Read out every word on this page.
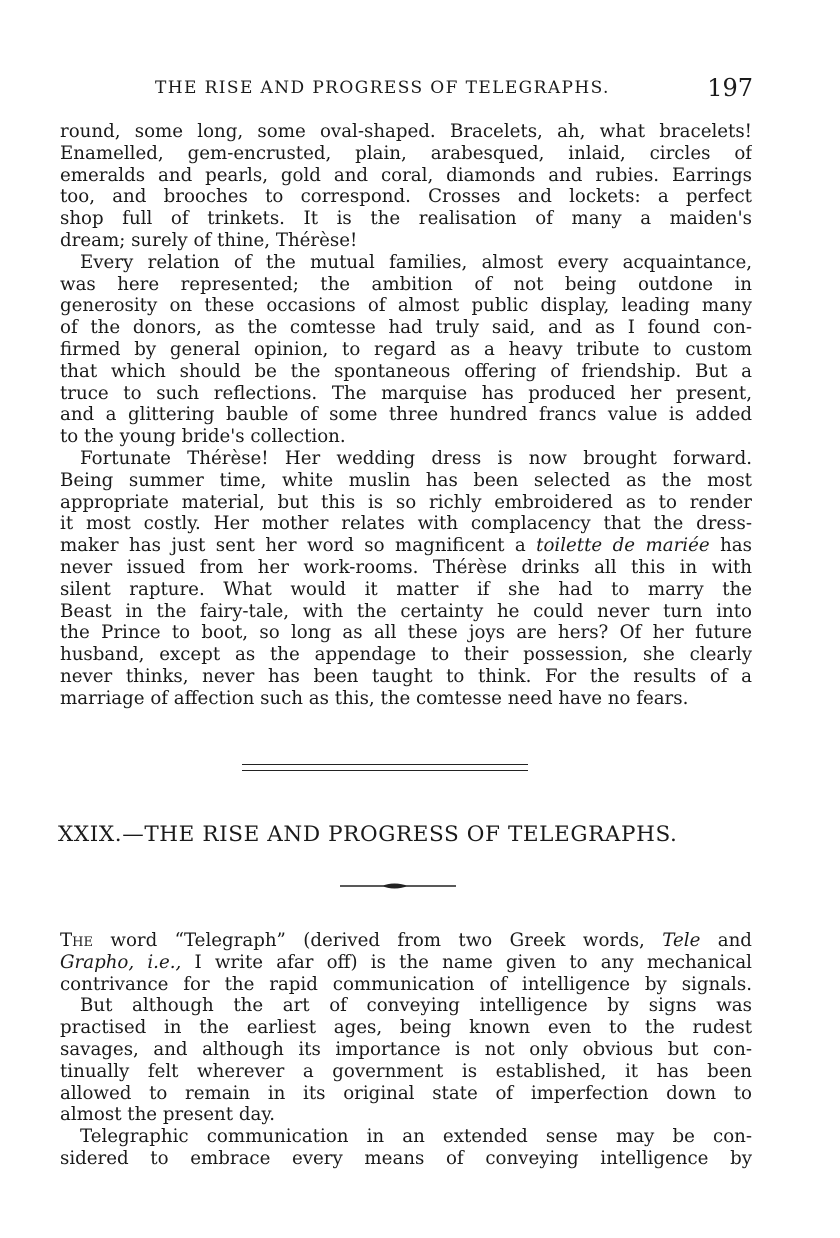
THE RISE AND PROGRESS OF TELEGRAPHS.	197
round, some long, some oval-shaped. Bracelets, ah, what bracelets!
Enamelled, gem-encrusted, plain, arabesqued, inlaid, circles of
emeralds and pearls, gold and coral, diamonds and rubies. Earrings
too, and brooches to correspond. Crosses and lockets: a perfect
shop full of trinkets. It is the realisation of many a maiden's
dream; surely of thine, Thérèse!
Every relation of the mutual families, almost every acquaintance,
was here represented; the ambition of not being outdone in
generosity on these occasions of almost public display, leading many
of the donors, as the comtesse had truly said, and as I found con-
firmed by general opinion, to regard as a heavy tribute to custom
that which should be the spontaneous offering of friendship. But a
truce to such reflections. The marquise has produced her present,
and a glittering bauble of some three hundred francs value is added
to the young bride's collection.
Fortunate Thérèse! Her wedding dress is now brought forward.
Being summer time, white muslin has been selected as the most
appropriate material, but this is so richly embroidered as to render
it most costly. Her mother relates with complacency that the dress-
maker has just sent her word so magnificent a toilette de mariée has
never issued from her work-rooms. Thérèse drinks all this in with
silent rapture. What would it matter if she had to marry the
Beast in the fairy-tale, with the certainty he could never turn into
the Prince to boot, so long as all these joys are hers? Of her future
husband, except as the appendage to their possession, she clearly
never thinks, never has been taught to think. For the results of a
marriage of affection such as this, the comtesse need have no fears.
XXIX.—THE RISE AND PROGRESS OF TELEGRAPHS.
The word “Telegraph” (derived from two Greek words, Tele and
Grapho, i.e., I write afar off) is the name given to any mechanical
contrivance for the rapid communication of intelligence by signals.
But although the art of conveying intelligence by signs was
practised in the earliest ages, being known even to the rudest
savages, and although its importance is not only obvious but con-
tinually felt wherever a government is established, it has been
allowed to remain in its original state of imperfection down to
almost the present day.
Telegraphic communication in an extended sense may be con-
sidered to embrace every means of conveying intelligence by
